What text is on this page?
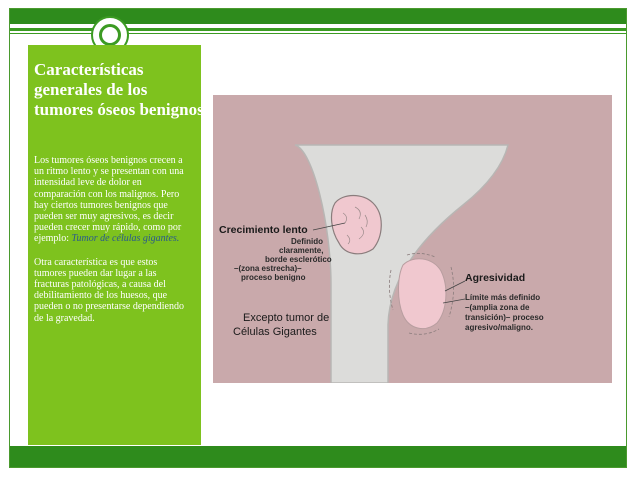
Características generales de los tumores óseos benignos

Los tumores óseos benignos crecen a un ritmo lento y se presentan con una intensidad leve de dolor en comparación con los malignos. Pero hay ciertos tumores benignos que pueden ser muy agresivos, es decir pueden crecer muy rápido, como por ejemplo: Tumor de células gigantes.

Otra característica es que estos tumores pueden dar lugar a las fracturas patológicas, a causa del debilitamiento de los huesos, que pueden o no presentarse dependiendo de la gravedad.

Crecimiento lento
Definido
claramente,
borde esclerótico
–(zona estrecha)–
proceso benigno	Agresividad
Límite más definido
–(amplia zona de
transición)– proceso
agresivo/maligno.
Excepto tumor de
Células Gigantes
